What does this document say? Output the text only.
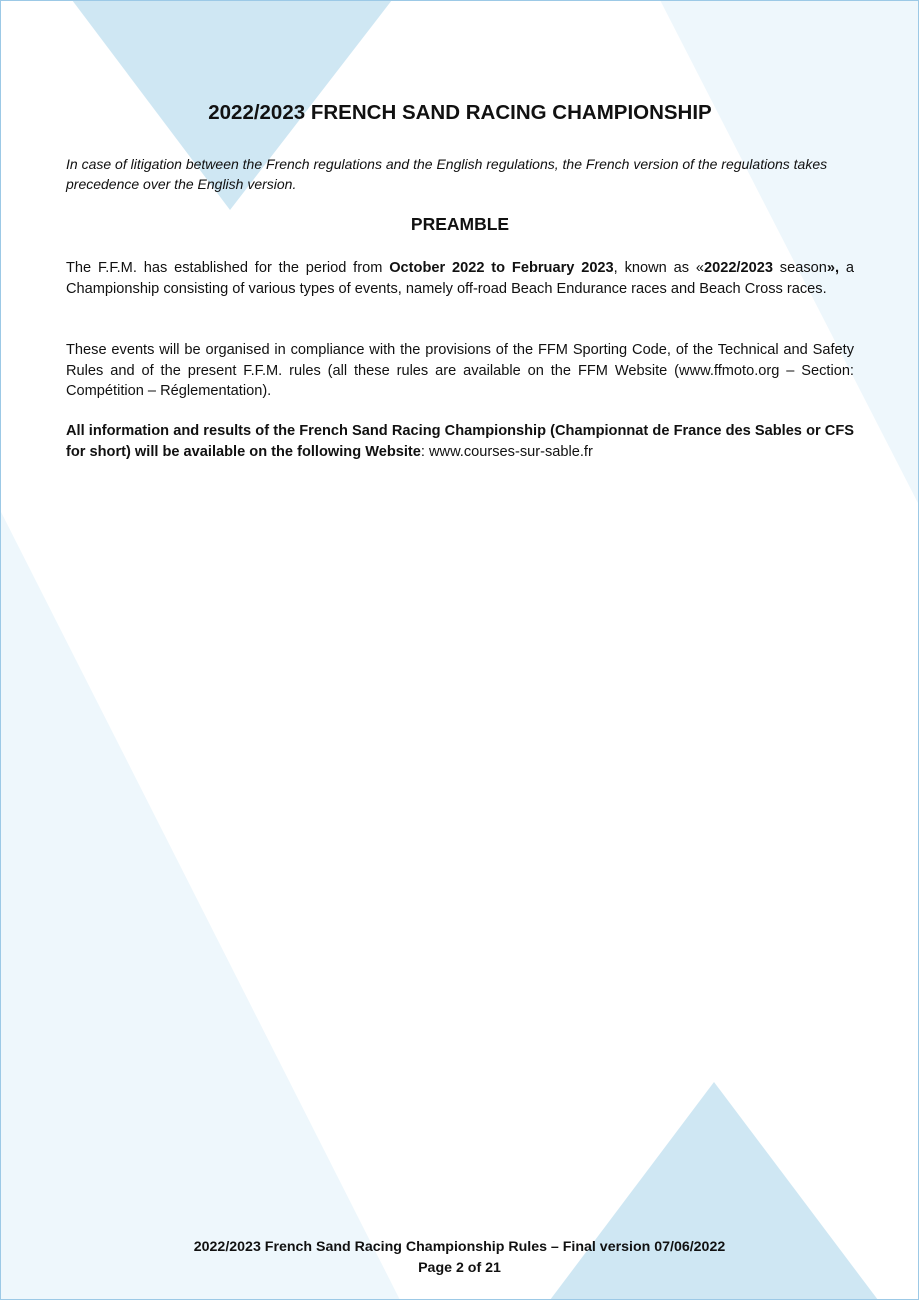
2022/2023 FRENCH SAND RACING CHAMPIONSHIP

In case of litigation between the French regulations and the English regulations, the French version of the regulations takes precedence over the English version.

PREAMBLE

The F.F.M. has established for the period from October 2022 to February 2023, known as «2022/2023 season», a Championship consisting of various types of events, namely off-road Beach Endurance races and Beach Cross races.

These events will be organised in compliance with the provisions of the FFM Sporting Code, of the Technical and Safety Rules and of the present F.F.M. rules (all these rules are available on the FFM Website (www.ffmoto.org – Section: Compétition – Réglementation).

All information and results of the French Sand Racing Championship (Championnat de France des Sables or CFS for short) will be available on the following Website: www.courses-sur-sable.fr

2022/2023 French Sand Racing Championship Rules – Final version 07/06/2022
Page 2 of 21
